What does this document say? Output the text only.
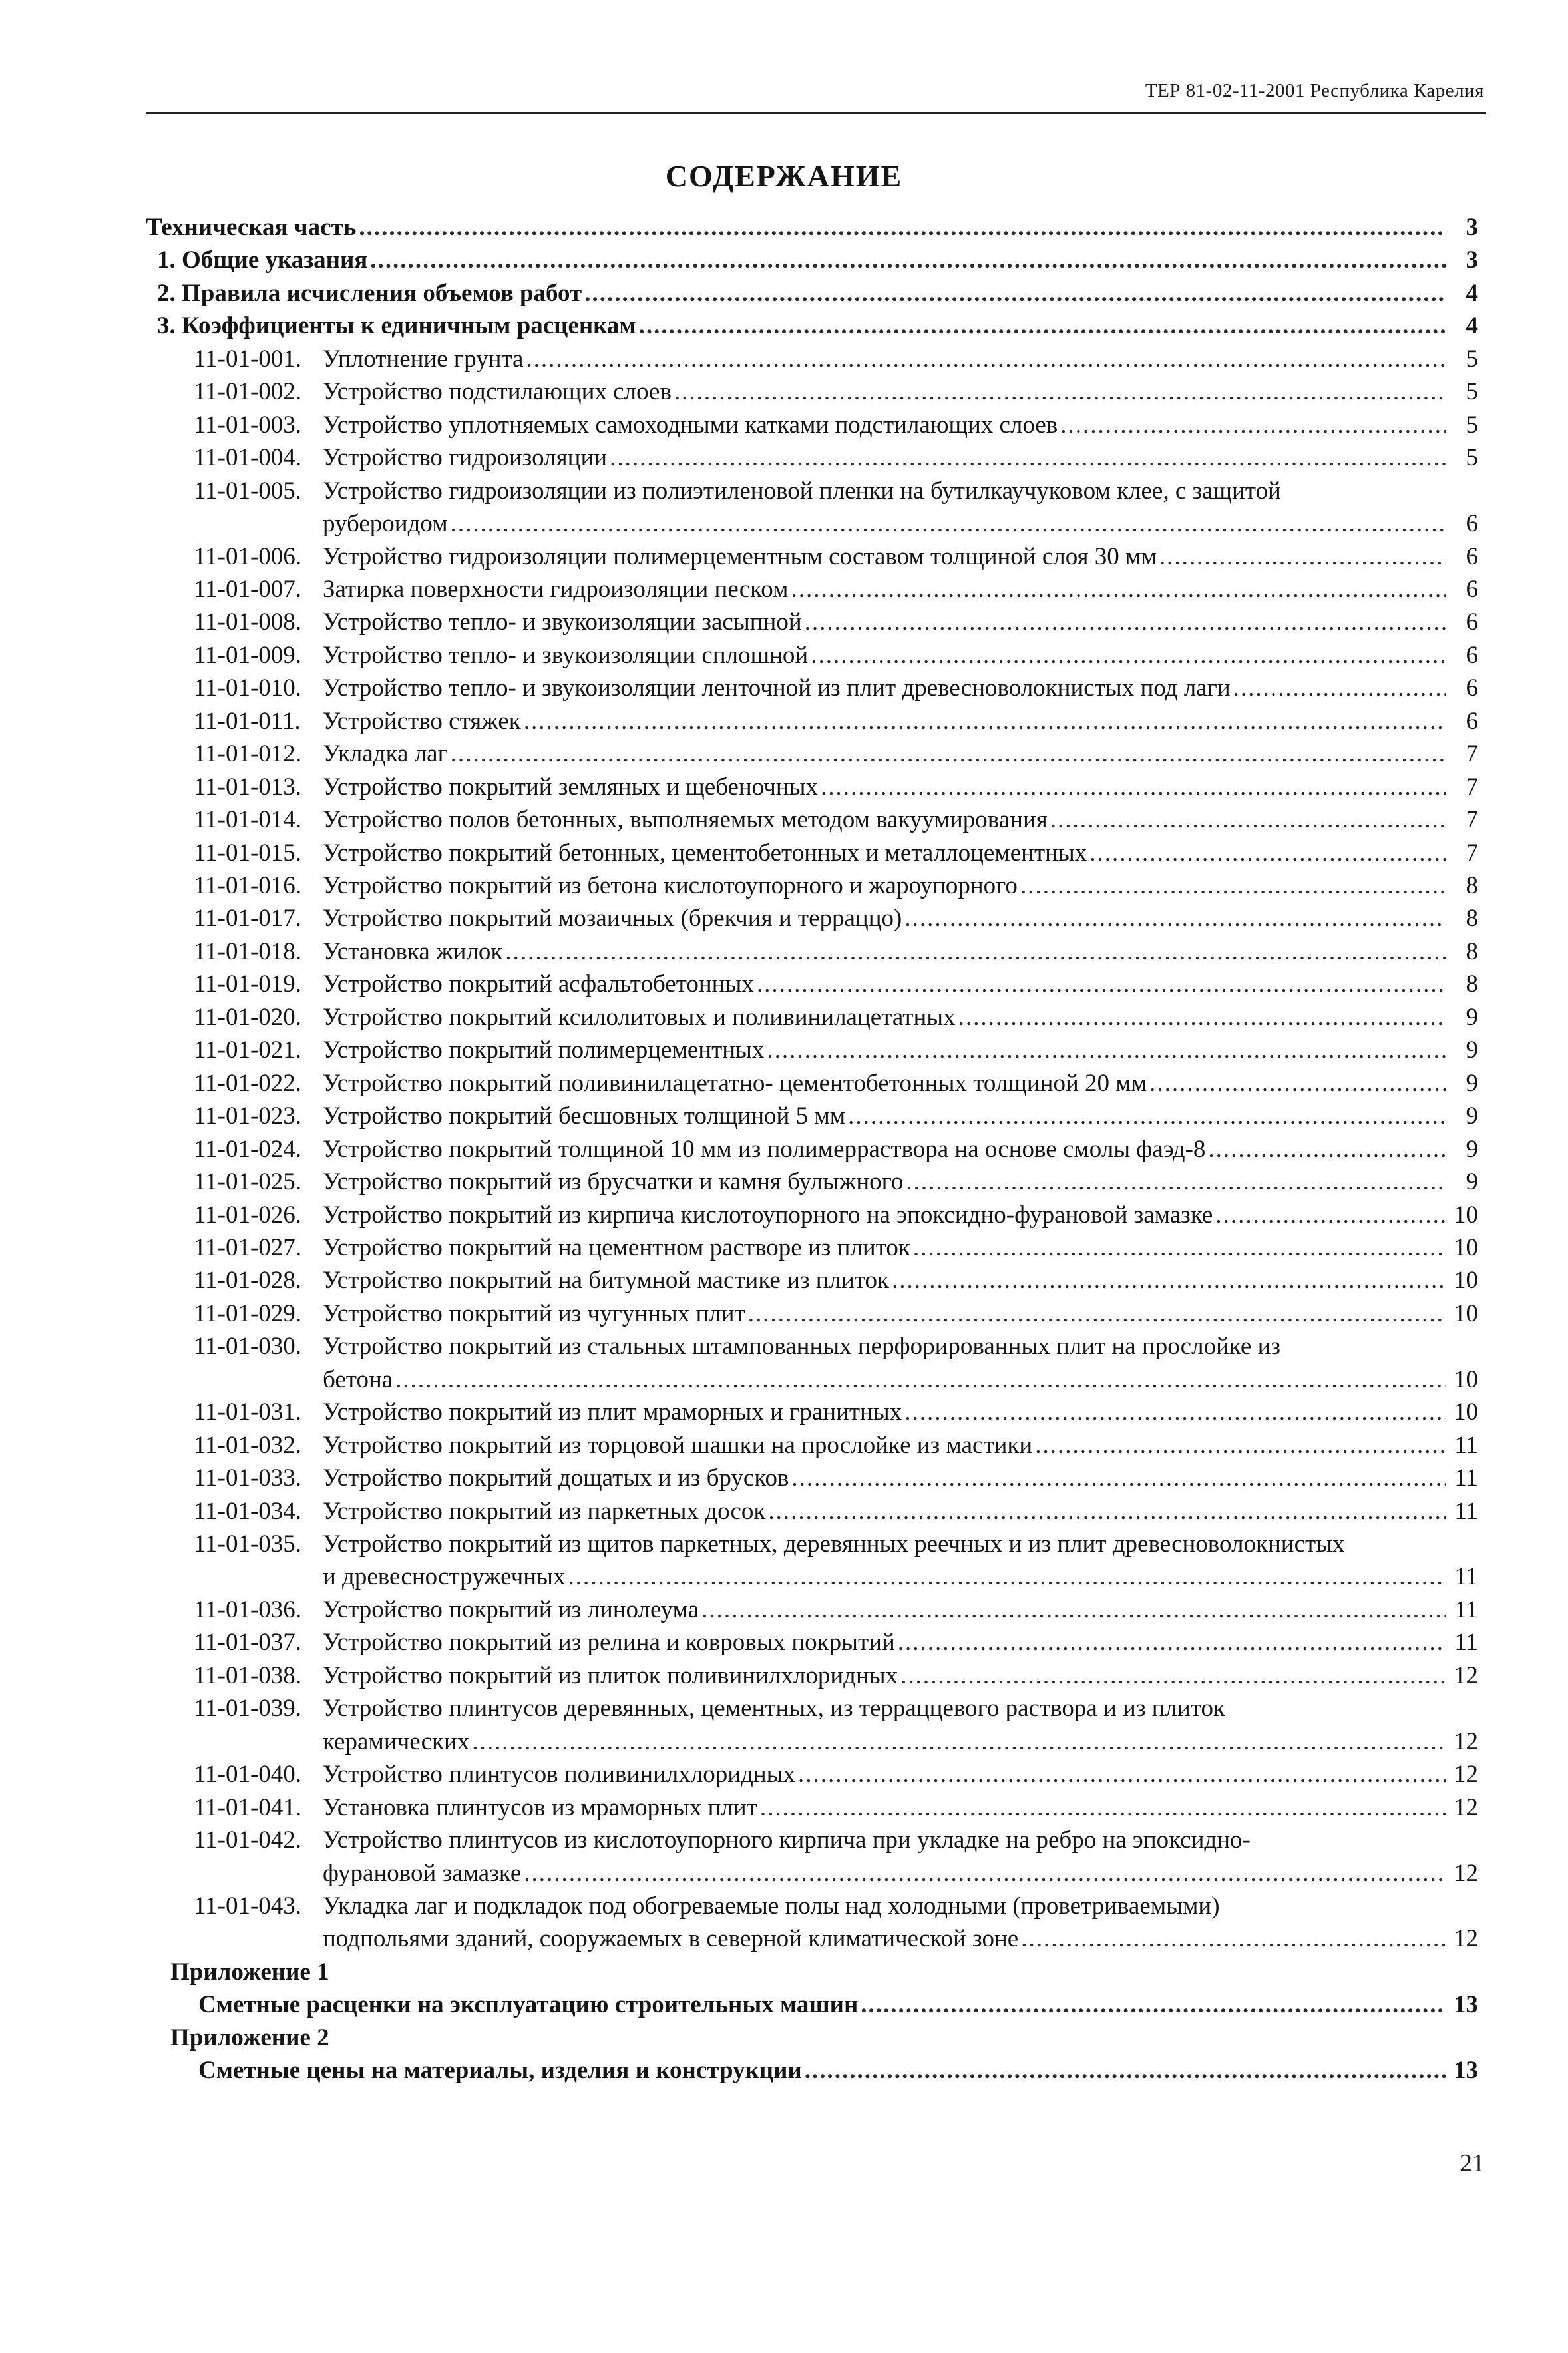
ТЕР 81-02-11-2001 Республика Карелия
СОДЕРЖАНИЕ
Техническая часть .....	3
1. Общие указания .....	3
2. Правила исчисления объемов работ .....	4
3. Коэффициенты к единичным расценкам .....	4
11-01-001. Уплотнение грунта .....	5
11-01-002. Устройство подстилающих слоев .....	5
11-01-003. Устройство уплотняемых самоходными катками подстилающих слоев .....	5
11-01-004. Устройство гидроизоляции .....	5
11-01-005. Устройство гидроизоляции из полиэтиленовой пленки на бутилкаучуковом клее, с защитой
рубероидом .....	6
11-01-006. Устройство гидроизоляции полимерцементным составом толщиной слоя 30 мм .....	6
11-01-007. Затирка поверхности гидроизоляции песком .....	6
11-01-008. Устройство тепло- и звукоизоляции засыпной .....	6
11-01-009. Устройство тепло- и звукоизоляции сплошной .....	6
11-01-010. Устройство тепло- и звукоизоляции ленточной из плит древесноволокнистых под лаги .....	6
11-01-011. Устройство стяжек .....	6
11-01-012. Укладка лаг .....	7
11-01-013. Устройство покрытий земляных и щебеночных .....	7
11-01-014. Устройство полов бетонных, выполняемых методом вакуумирования .....	7
11-01-015. Устройство покрытий бетонных, цементобетонных и металлоцементных .....	7
11-01-016. Устройство покрытий из бетона кислотоупорного и жароупорного .....	8
11-01-017. Устройство покрытий мозаичных (брекчия и терраццо) .....	8
11-01-018. Установка жилок .....	8
11-01-019. Устройство покрытий асфальтобетонных .....	8
11-01-020. Устройство покрытий ксилолитовых и поливинилацетатных .....	9
11-01-021. Устройство покрытий полимерцементных .....	9
11-01-022. Устройство покрытий поливинилацетатно- цементобетонных толщиной 20 мм .....	9
11-01-023. Устройство покрытий бесшовных толщиной 5 мм .....	9
11-01-024. Устройство покрытий толщиной 10 мм из полимерраствора на основе смолы фаэд-8 .....	9
11-01-025. Устройство покрытий из брусчатки и камня булыжного .....	9
11-01-026. Устройство покрытий из кирпича кислотоупорного на эпоксидно-фурановой замазке .....	10
11-01-027. Устройство покрытий на цементном растворе из плиток .....	10
11-01-028. Устройство покрытий на битумной мастике из плиток .....	10
11-01-029. Устройство покрытий из чугунных плит .....	10
11-01-030. Устройство покрытий из стальных штампованных перфорированных плит на прослойке из
бетона .....	10
11-01-031. Устройство покрытий из плит мраморных и гранитных .....	10
11-01-032. Устройство покрытий из торцовой шашки на прослойке из мастики .....	11
11-01-033. Устройство покрытий дощатых и из брусков .....	11
11-01-034. Устройство покрытий из паркетных досок .....	11
11-01-035. Устройство покрытий из щитов паркетных, деревянных реечных и из плит древесноволокнистых
и древесностружечных .....	11
11-01-036. Устройство покрытий из линолеума .....	11
11-01-037. Устройство покрытий из релина и ковровых покрытий .....	11
11-01-038. Устройство покрытий из плиток поливинилхлоридных .....	12
11-01-039. Устройство плинтусов деревянных, цементных, из терраццевого раствора и из плиток
керамических .....	12
11-01-040. Устройство плинтусов поливинилхлоридных .....	12
11-01-041. Установка плинтусов из мраморных плит .....	12
11-01-042. Устройство плинтусов из кислотоупорного кирпича при укладке на ребро на эпоксидно-
фурановой замазке .....	12
11-01-043. Укладка лаг и подкладок под обогреваемые полы над холодными (проветриваемыми)
подпольями зданий, сооружаемых в северной климатической зоне .....	12
Приложение 1
Сметные расценки на эксплуатацию строительных машин .....	13
Приложение 2
Сметные цены на материалы, изделия и конструкции .....	13
21
